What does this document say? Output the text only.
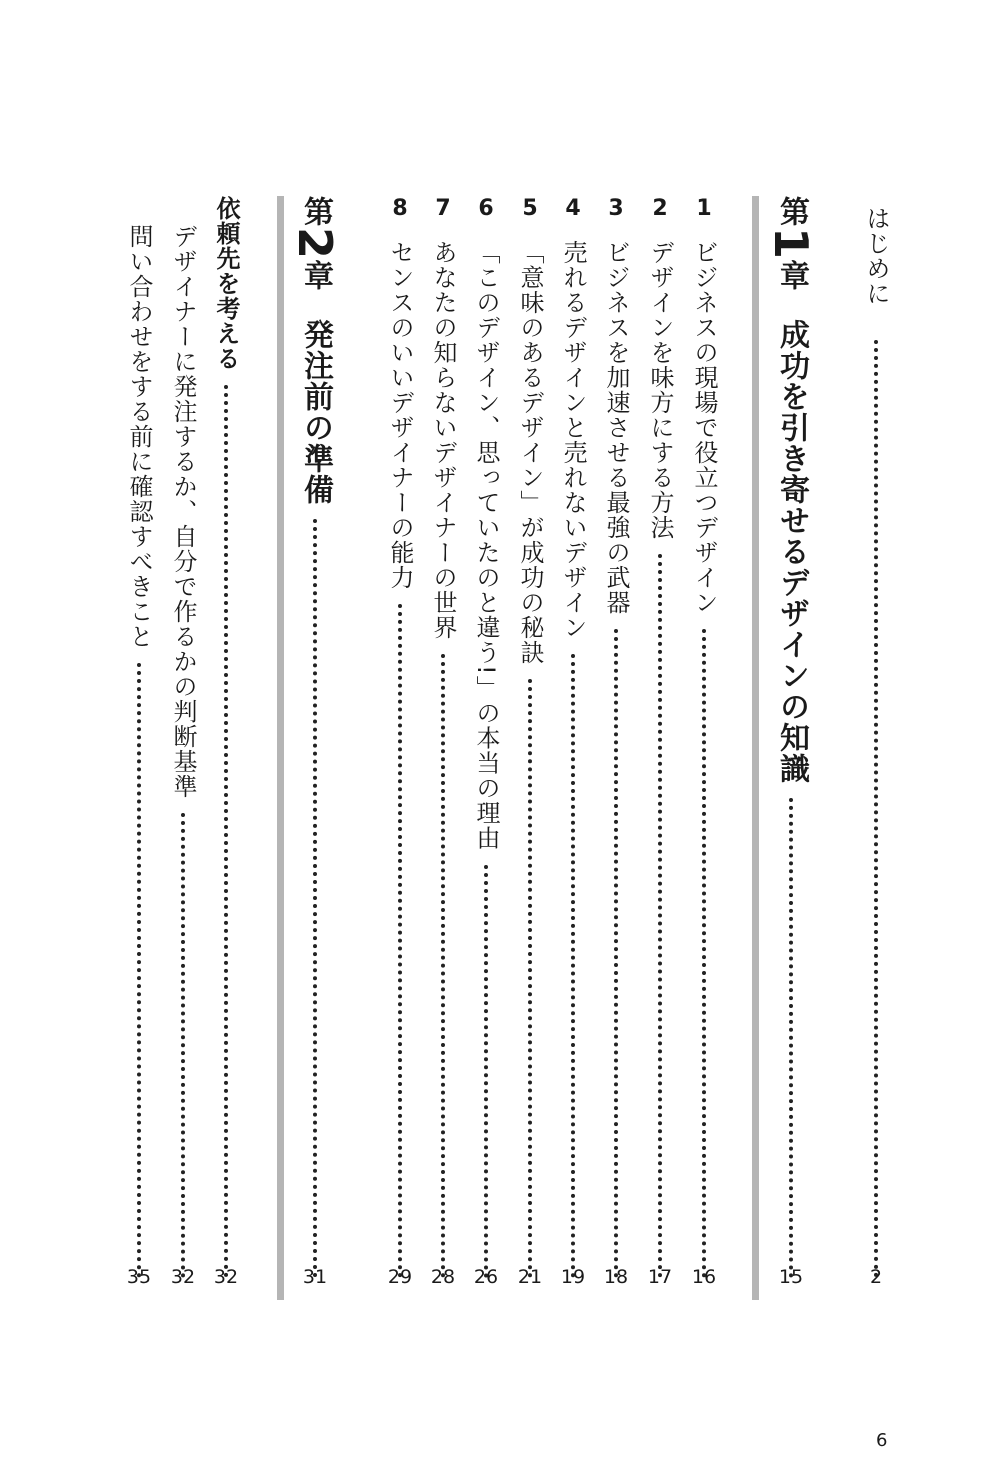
はじめに
2
第1章成功を引き寄せるデザインの知識
15
1
ビジネスの現場で役立つデザイン
16
2
デザインを味方にする方法
17
3
ビジネスを加速させる最強の武器
18
4
売れるデザインと売れないデザイン
19
5
「意味のあるデザイン」が成功の秘訣
21
6
「このデザイン、思っていたのと違う!」の本当の理由
26
7
あなたの知らないデザイナーの世界
28
8
センスのいいデザイナーの能力
29
第2章発注前の準備
31
依頼先を考える
32
デザイナーに発注するか、自分で作るかの判断基準
32
問い合わせをする前に確認すべきこと
35
6
